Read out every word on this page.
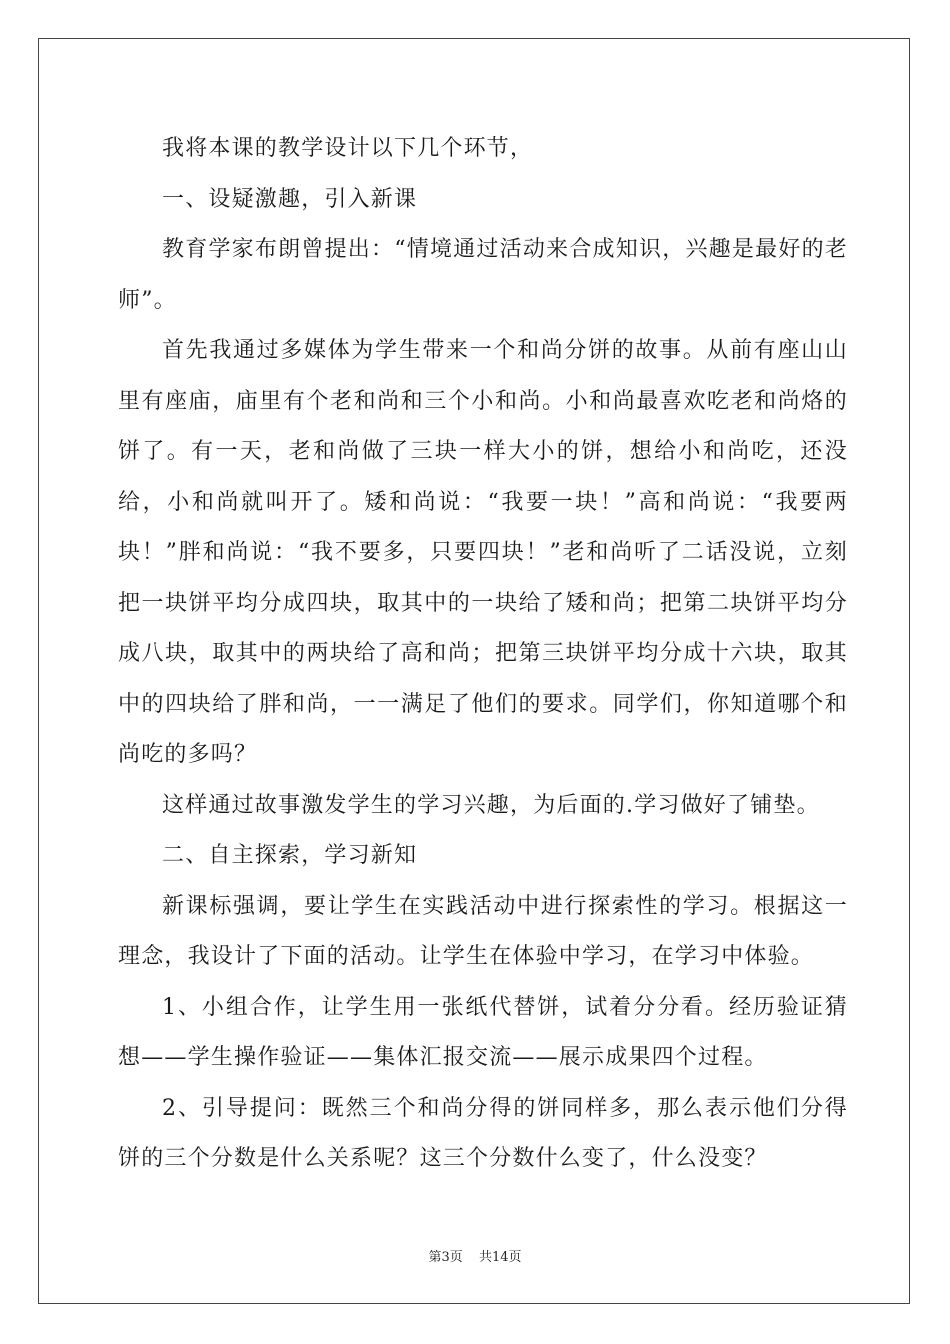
我将本课的教学设计以下几个环节，

一、设疑激趣，引入新课

教育学家布朗曾提出：“情境通过活动来合成知识，兴趣是最好的老师”。

首先我通过多媒体为学生带来一个和尚分饼的故事。从前有座山山里有座庙，庙里有个老和尚和三个小和尚。小和尚最喜欢吃老和尚烙的饼了。有一天，老和尚做了三块一样大小的饼，想给小和尚吃，还没给，小和尚就叫开了。矮和尚说：“我要一块！”高和尚说：“我要两块！”胖和尚说：“我不要多，只要四块！”老和尚听了二话没说，立刻把一块饼平均分成四块，取其中的一块给了矮和尚；把第二块饼平均分成八块，取其中的两块给了高和尚；把第三块饼平均分成十六块，取其中的四块给了胖和尚，一一满足了他们的要求。同学们，你知道哪个和尚吃的多吗？

这样通过故事激发学生的学习兴趣，为后面的.学习做好了铺垫。

二、自主探索，学习新知

新课标强调，要让学生在实践活动中进行探索性的学习。根据这一理念，我设计了下面的活动。让学生在体验中学习，在学习中体验。

1、小组合作，让学生用一张纸代替饼，试着分分看。经历验证猜想——学生操作验证——集体汇报交流——展示成果四个过程。

2、引导提问：既然三个和尚分得的饼同样多，那么表示他们分得饼的三个分数是什么关系呢？这三个分数什么变了，什么没变？

第3页 共14页
